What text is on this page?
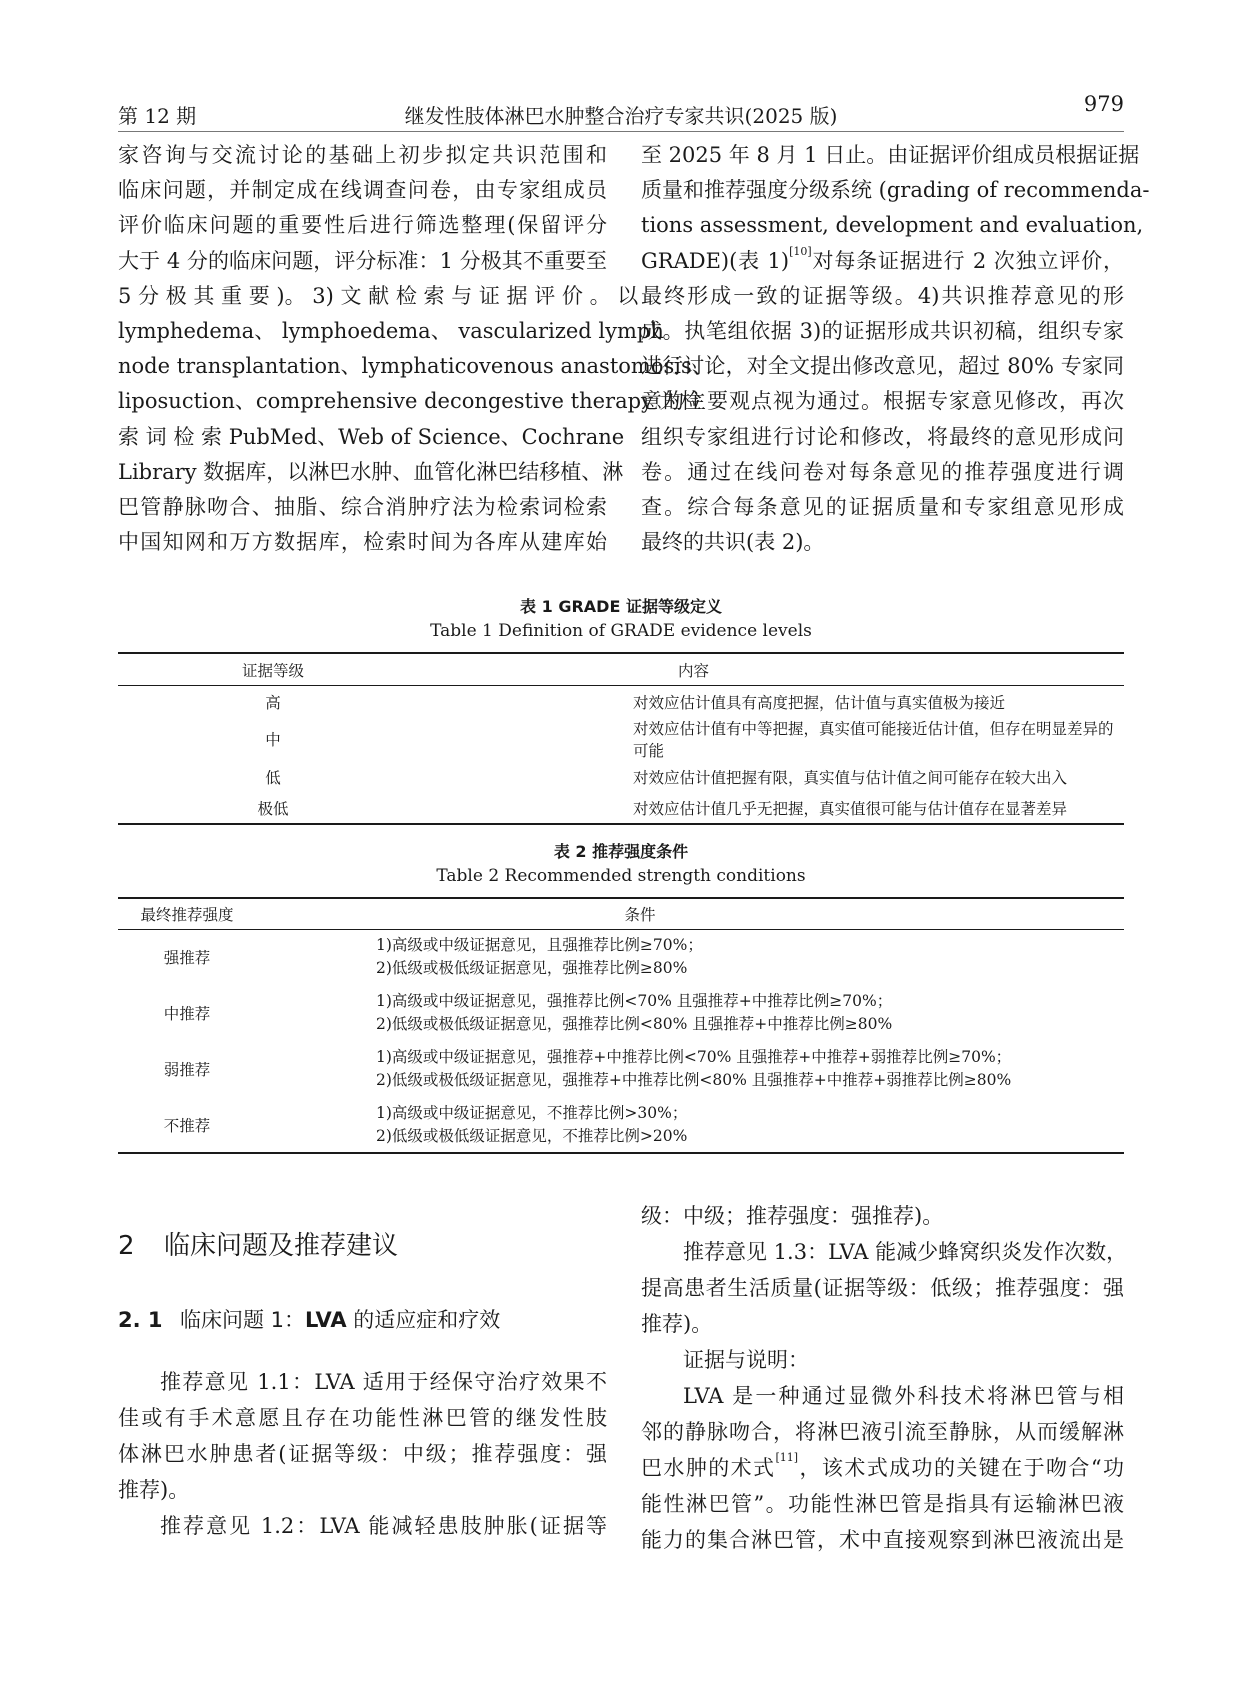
第 12 期	继发性肢体淋巴水肿整合治疗专家共识(2025 版)	979
家咨询与交流讨论的基础上初步拟定共识范围和
临床问题，并制定成在线调查问卷，由专家组成员
评价临床问题的重要性后进行筛选整理(保留评分
大于 4 分的临床问题，评分标准：1 分极其不重要至
5 分 极 其 重 要 )。 3) 文 献 检 索 与 证 据 评 价 。 以
lymphedema、 lymphoedema、 vascularized lymph
node transplantation、lymphaticovenous anastomosis、
liposuction、comprehensive decongestive therapy 为检
索 词 检 索 PubMed、Web of Science、Cochrane
Library 数据库，以淋巴水肿、血管化淋巴结移植、淋
巴管静脉吻合、抽脂、综合消肿疗法为检索词检索
中国知网和万方数据库，检索时间为各库从建库始
至 2025 年 8 月 1 日止。由证据评价组成员根据证据
质量和推荐强度分级系统 (grading of recommenda-
tions assessment, development and evaluation,
GRADE)(表 1)[10]对每条证据进行 2 次独立评价，
最终形成一致的证据等级。4)共识推荐意见的形
成。执笔组依据 3)的证据形成共识初稿，组织专家
进行讨论，对全文提出修改意见，超过 80% 专家同
意的主要观点视为通过。根据专家意见修改，再次
组织专家组进行讨论和修改，将最终的意见形成问
卷。通过在线问卷对每条意见的推荐强度进行调
查。综合每条意见的证据质量和专家组意见形成
最终的共识(表 2)。
表 1 GRADE 证据等级定义
Table 1 Definition of GRADE evidence levels
证据等级	内容
高	对效应估计值具有高度把握，估计值与真实值极为接近
中	对效应估计值有中等把握，真实值可能接近估计值，但存在明显差异的可能
低	对效应估计值把握有限，真实值与估计值之间可能存在较大出入
极低	对效应估计值几乎无把握，真实值很可能与估计值存在显著差异
表 2 推荐强度条件
Table 2 Recommended strength conditions
最终推荐强度	条件
强推荐	1)高级或中级证据意见，且强推荐比例≥70%；
2)低级或极低级证据意见，强推荐比例≥80%

中推荐	1)高级或中级证据意见，强推荐比例<70% 且强推荐+中推荐比例≥70%；
2)低级或极低级证据意见，强推荐比例<80% 且强推荐+中推荐比例≥80%

弱推荐	1)高级或中级证据意见，强推荐+中推荐比例<70% 且强推荐+中推荐+弱推荐比例≥70%；
2)低级或极低级证据意见，强推荐+中推荐比例<80% 且强推荐+中推荐+弱推荐比例≥80%

不推荐	1)高级或中级证据意见，不推荐比例>30%；
2)低级或极低级证据意见，不推荐比例>20%
2 临床问题及推荐建议
2. 1 临床问题 1：LVA 的适应症和疗效
推荐意见 1.1：LVA 适用于经保守治疗效果不
佳或有手术意愿且存在功能性淋巴管的继发性肢
体淋巴水肿患者(证据等级：中级；推荐强度：强
推荐)。
推荐意见 1.2：LVA 能减轻患肢肿胀(证据等
级：中级；推荐强度：强推荐)。
推荐意见 1.3：LVA 能减少蜂窝织炎发作次数，
提高患者生活质量(证据等级：低级；推荐强度：强
推荐)。
证据与说明：
LVA 是一种通过显微外科技术将淋巴管与相
邻的静脉吻合，将淋巴液引流至静脉，从而缓解淋
巴水肿的术式[11]，该术式成功的关键在于吻合“功
能性淋巴管”。功能性淋巴管是指具有运输淋巴液
能力的集合淋巴管，术中直接观察到淋巴液流出是
